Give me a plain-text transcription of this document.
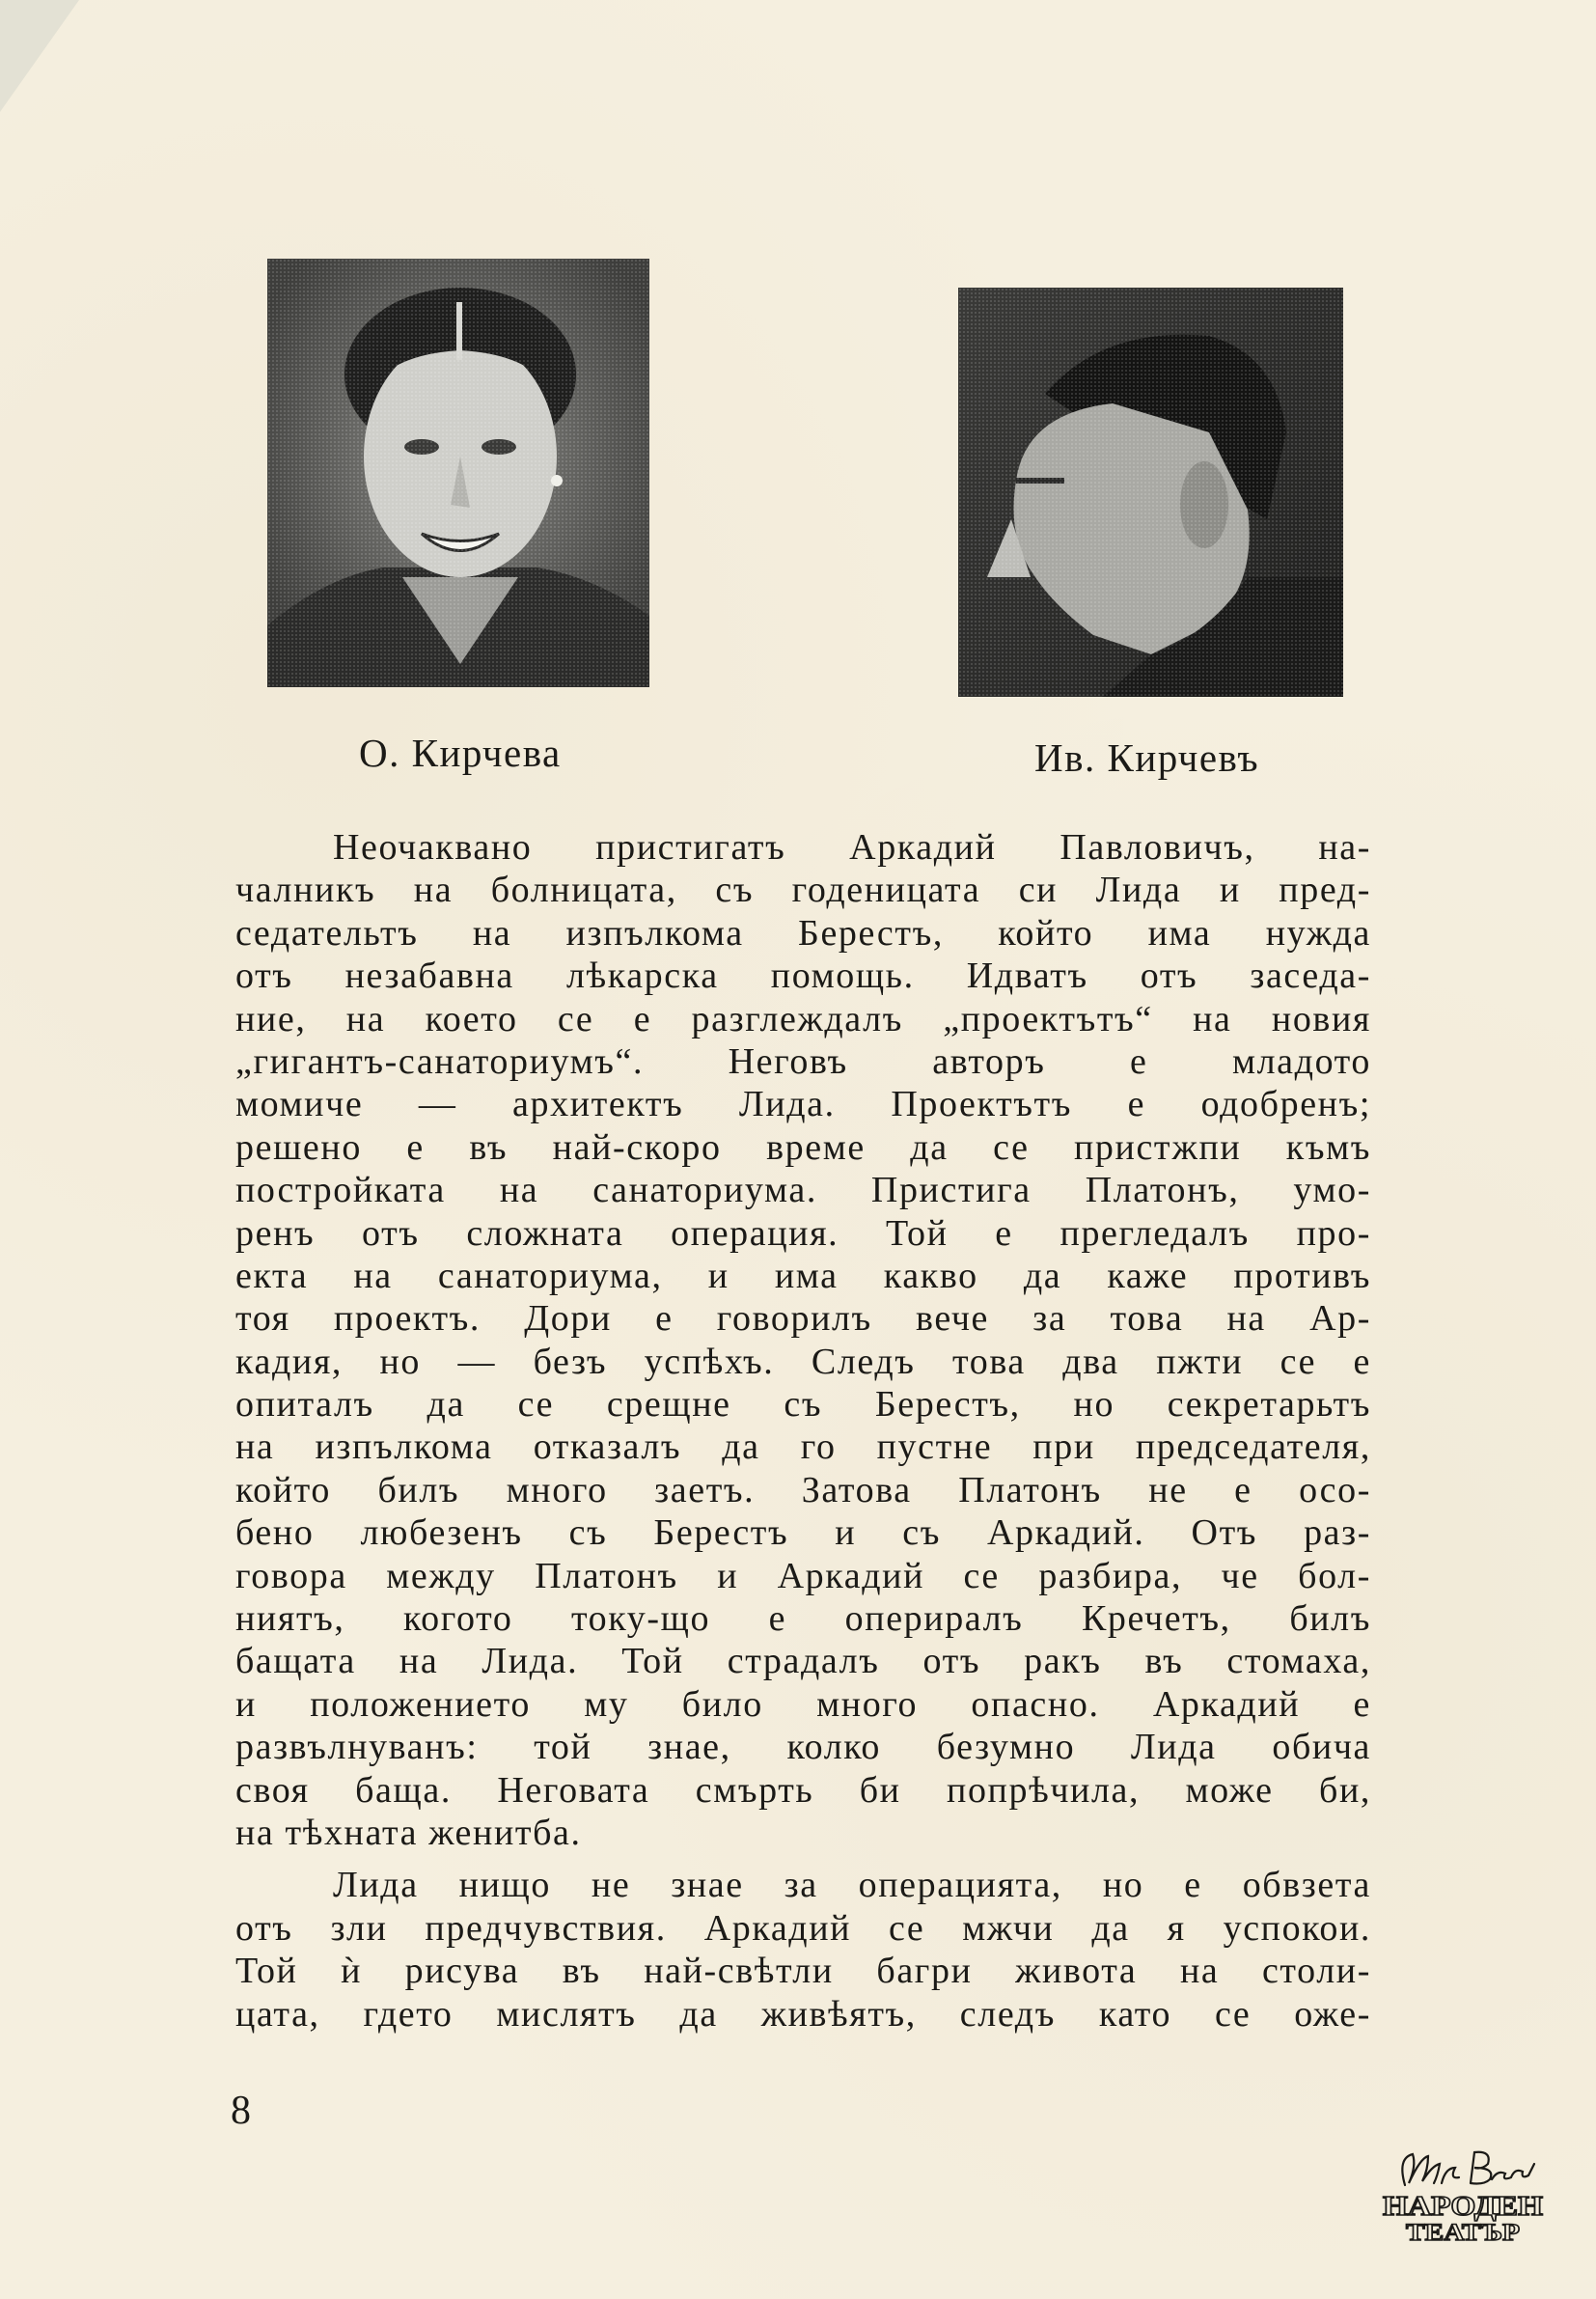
О. Кирчева	Ив. Кирчевъ
Неочаквано пристигатъ Аркадий Павловичъ, на-
чалникъ на болницата, съ годеницата си Лида и пред-
седательтъ на изпълкома Берестъ, който има нужда
отъ незабавна лѣкарска помощь. Идватъ отъ заседа-
ние, на което се е разглеждалъ „проектътъ“ на новия
„гигантъ-санаториумъ“. Неговъ авторъ е младото
момиче — архитектъ Лида. Проектътъ е одобренъ;
решено е въ най-скоро време да се пристжпи къмъ
постройката на санаториума. Пристига Платонъ, умо-
ренъ отъ сложната операция. Той е прегледалъ про-
екта на санаториума, и има какво да каже противъ
тоя проектъ. Дори е говорилъ вече за това на Ар-
кадия, но — безъ успѣхъ. Следъ това два пжти се е
опиталъ да се срещне съ Берестъ, но секретарьтъ
на изпълкома отказалъ да го пустне при председателя,
който билъ много заетъ. Затова Платонъ не е осо-
бено любезенъ съ Берестъ и съ Аркадий. Отъ раз-
говора между Платонъ и Аркадий се разбира, че бол-
ниятъ, когото току-що е опериралъ Кречетъ, билъ
бащата на Лида. Той страдалъ отъ ракъ въ стомаха,
и положението му било много опасно. Аркадий е
развълнуванъ: той знае, колко безумно Лида обича
своя баща. Неговата смърть би попрѣчила, може би,
на тѣхната женитба.
Лида нищо не знае за операцията, но е обвзета
отъ зли предчувствия. Аркадий се мжчи да я успокои.
Той ѝ рисува въ най-свѣтли багри живота на столи-
цата, гдето мислятъ да живѣятъ, следъ като се оже-
8
НАРОДЕН
ТЕАТЪР
